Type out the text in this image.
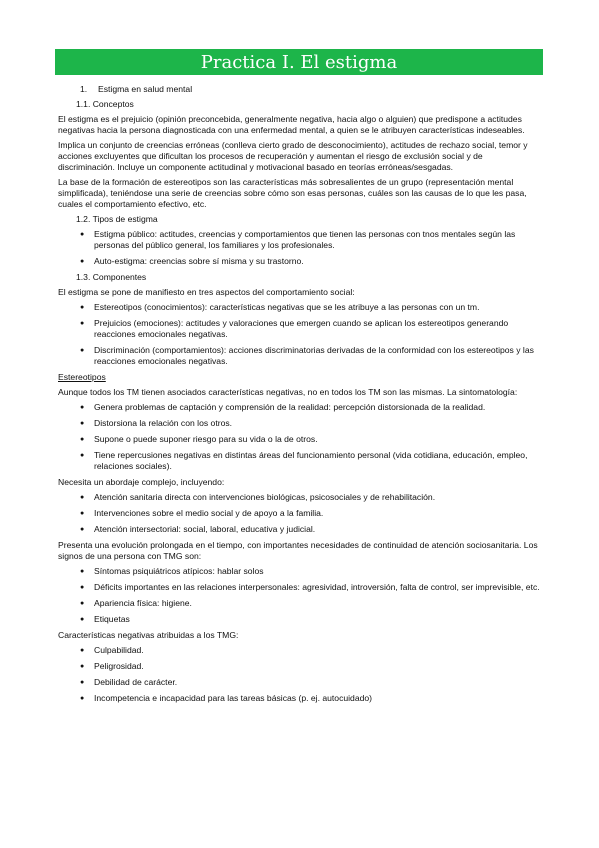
Practica I. El estigma
1.	Estigma en salud mental
1.1. Conceptos
El estigma es el prejuicio (opinión preconcebida, generalmente negativa, hacia algo o alguien) que predispone a actitudes negativas hacia la persona diagnosticada con una enfermedad mental, a quien se le atribuyen características indeseables.
Implica un conjunto de creencias erróneas (conlleva cierto grado de desconocimiento), actitudes de rechazo social, temor y acciones excluyentes que dificultan los procesos de recuperación y aumentan el riesgo de exclusión social y de discriminación. Incluye un componente actitudinal y motivacional basado en teorías erróneas/sesgadas.
La base de la formación de estereotipos son las características más sobresalientes de un grupo (representación mental simplificada), teniéndose una serie de creencias sobre cómo son esas personas, cuáles son las causas de lo que les pasa, cuales el comportamiento efectivo, etc.
1.2. Tipos de estigma
●	Estigma público: actitudes, creencias y comportamientos que tienen las personas con tnos mentales según las personas del público general, los familiares y los profesionales.
●	Auto-estigma: creencias sobre sí misma y su trastorno.
1.3. Componentes
El estigma se pone de manifiesto en tres aspectos del comportamiento social:
●	Estereotipos (conocimientos): características negativas que se les atribuye a las personas con un tm.
●	Prejuicios (emociones): actitudes y valoraciones que emergen cuando se aplican los estereotipos generando reacciones emocionales negativas.
●	Discriminación (comportamientos): acciones discriminatorias derivadas de la conformidad con los estereotipos y las reacciones emocionales negativas.
Estereotipos
Aunque todos los TM tienen asociados características negativas, no en todos los TM son las mismas. La sintomatología:
●	Genera problemas de captación y comprensión de la realidad: percepción distorsionada de la realidad.
●	Distorsiona la relación con los otros.
●	Supone o puede suponer riesgo para su vida o la de otros.
●	Tiene repercusiones negativas en distintas áreas del funcionamiento personal (vida cotidiana, educación, empleo, relaciones sociales).
Necesita un abordaje complejo, incluyendo:
●	Atención sanitaria directa con intervenciones biológicas, psicosociales y de rehabilitación.
●	Intervenciones sobre el medio social y de apoyo a la familia.
●	Atención intersectorial: social, laboral, educativa y judicial.
Presenta una evolución prolongada en el tiempo, con importantes necesidades de continuidad de atención sociosanitaria. Los signos de una persona con TMG son:
●	Síntomas psiquiátricos atípicos: hablar solos
●	Déficits importantes en las relaciones interpersonales: agresividad, introversión, falta de control, ser imprevisible, etc.
●	Apariencia física: higiene.
●	Etiquetas
Características negativas atribuidas a los TMG:
●	Culpabilidad.
●	Peligrosidad.
●	Debilidad de carácter.
●	Incompetencia e incapacidad para las tareas básicas (p. ej. autocuidado)
